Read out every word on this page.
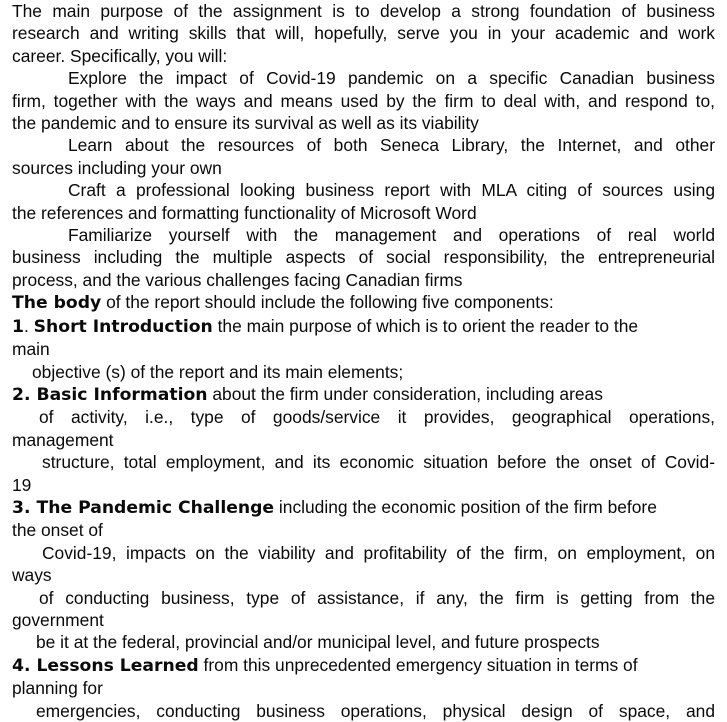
The main purpose of the assignment is to develop a strong foundation of business

research and writing skills that will, hopefully, serve you in your academic and work

career. Specifically, you will:

Explore the impact of Covid-19 pandemic on a specific Canadian business

firm, together with the ways and means used by the firm to deal with, and respond to,

the pandemic and to ensure its survival as well as its viability

Learn about the resources of both Seneca Library, the Internet, and other

sources including your own

Craft a professional looking business report with MLA citing of sources using

the references and formatting functionality of Microsoft Word

Familiarize yourself with the management and operations of real world

business including the multiple aspects of social responsibility, the entrepreneurial

process, and the various challenges facing Canadian firms

The body of the report should include the following five components:

1. Short Introduction the main purpose of which is to orient the reader to the

main

objective (s) of the report and its main elements;

2. Basic Information about the firm under consideration, including areas

of activity, i.e., type of goods/service it provides, geographical operations,

management

structure, total employment, and its economic situation before the onset of Covid-

19

3. The Pandemic Challenge including the economic position of the firm before

the onset of

Covid-19, impacts on the viability and profitability of the firm, on employment, on

ways

of conducting business, type of assistance, if any, the firm is getting from the

government

be it at the federal, provincial and/or municipal level, and future prospects

4. Lessons Learned from this unprecedented emergency situation in terms of

planning for

emergencies, conducting business operations, physical design of space, and
